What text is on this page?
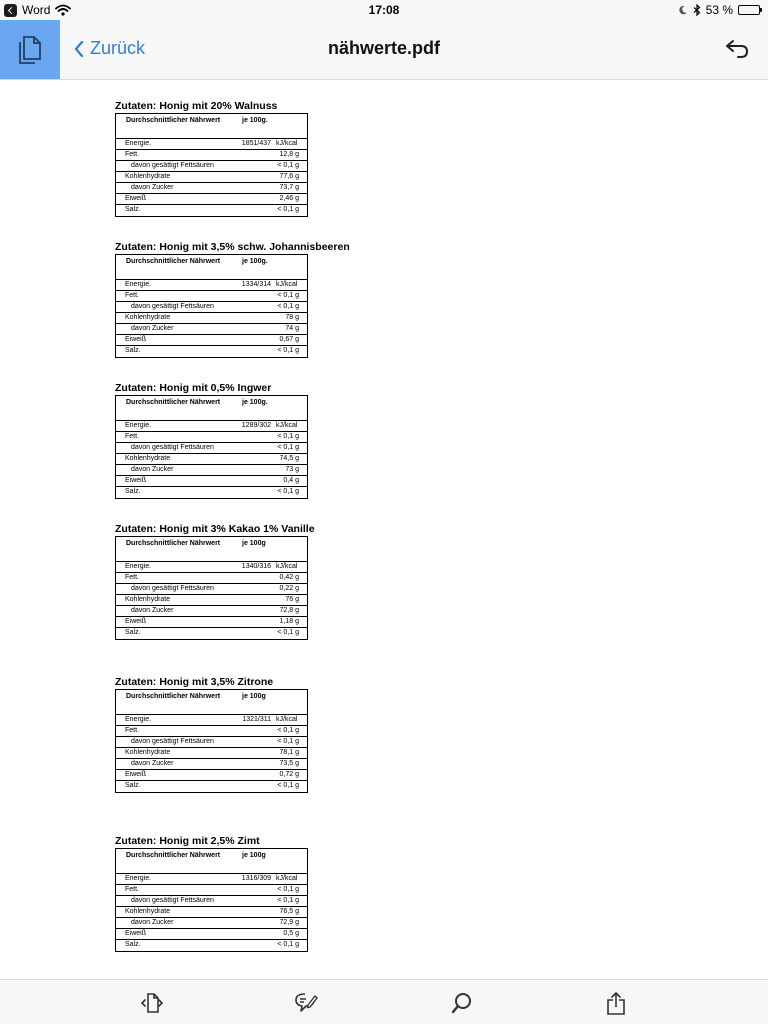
Word	17:08	53 %
Zurück	nähwerte.pdf
Zutaten: Honig mit 20% Walnuss
Durchschnittlicher Nährwert	je 100g.
Energie.	1851/437 kJ/kcal
Fett.	12,8 g
davon gesättigt Fettsäuren	< 0,1 g
Kohlenhydrate	77,6 g
davon Zucker	73,7 g
Eiweiß	2,46 g
Salz.	< 0,1 g
Zutaten: Honig mit 3,5% schw. Johannisbeeren
Durchschnittlicher Nährwert	je 100g.
Energie.	1334/314 kJ/kcal
Fett.	< 0,1 g
davon gesättigt Fettsäuren	< 0,1 g
Kohlenhydrate	78 g
davon Zucker	74 g
Eiweiß	0,67 g
Salz.	< 0,1 g
Zutaten: Honig mit 0,5% Ingwer
Durchschnittlicher Nährwert	je 100g.
Energie.	1289/302 kJ/kcal
Fett.	< 0,1 g
davon gesättigt Fettsäuren	< 0,1 g
Kohlenhydrate	74,5 g
davon Zucker	73 g
Eiweiß	0,4 g
Salz.	< 0,1 g
Zutaten: Honig mit 3% Kakao 1% Vanille
Durchschnittlicher Nährwert	je 100g
Energie.	1340/316 kJ/kcal
Fett.	0,42 g
davon gesättigt Fettsäuren	0,22 g
Kohlenhydrate	76 g
davon Zucker	72,8 g
Eiweiß	1,18 g
Salz.	< 0,1 g
Zutaten: Honig mit 3,5% Zitrone
Durchschnittlicher Nährwert	je 100g
Energie.	1321/311 kJ/kcal
Fett.	< 0,1 g
davon gesättigt Fettsäuren	< 0,1 g
Kohlenhydrate	78,1 g
davon Zucker	73,5 g
Eiweiß	0,72 g
Salz.	< 0,1 g
Zutaten: Honig mit 2,5% Zimt
Durchschnittlicher Nährwert	je 100g
Energie.	1316/309 kJ/kcal
Fett.	< 0,1 g
davon gesättigt Fettsäuren	< 0,1 g
Kohlenhydrate	76,5 g
davon Zucker	72,9 g
Eiweiß	0,5 g
Salz.	< 0,1 g
